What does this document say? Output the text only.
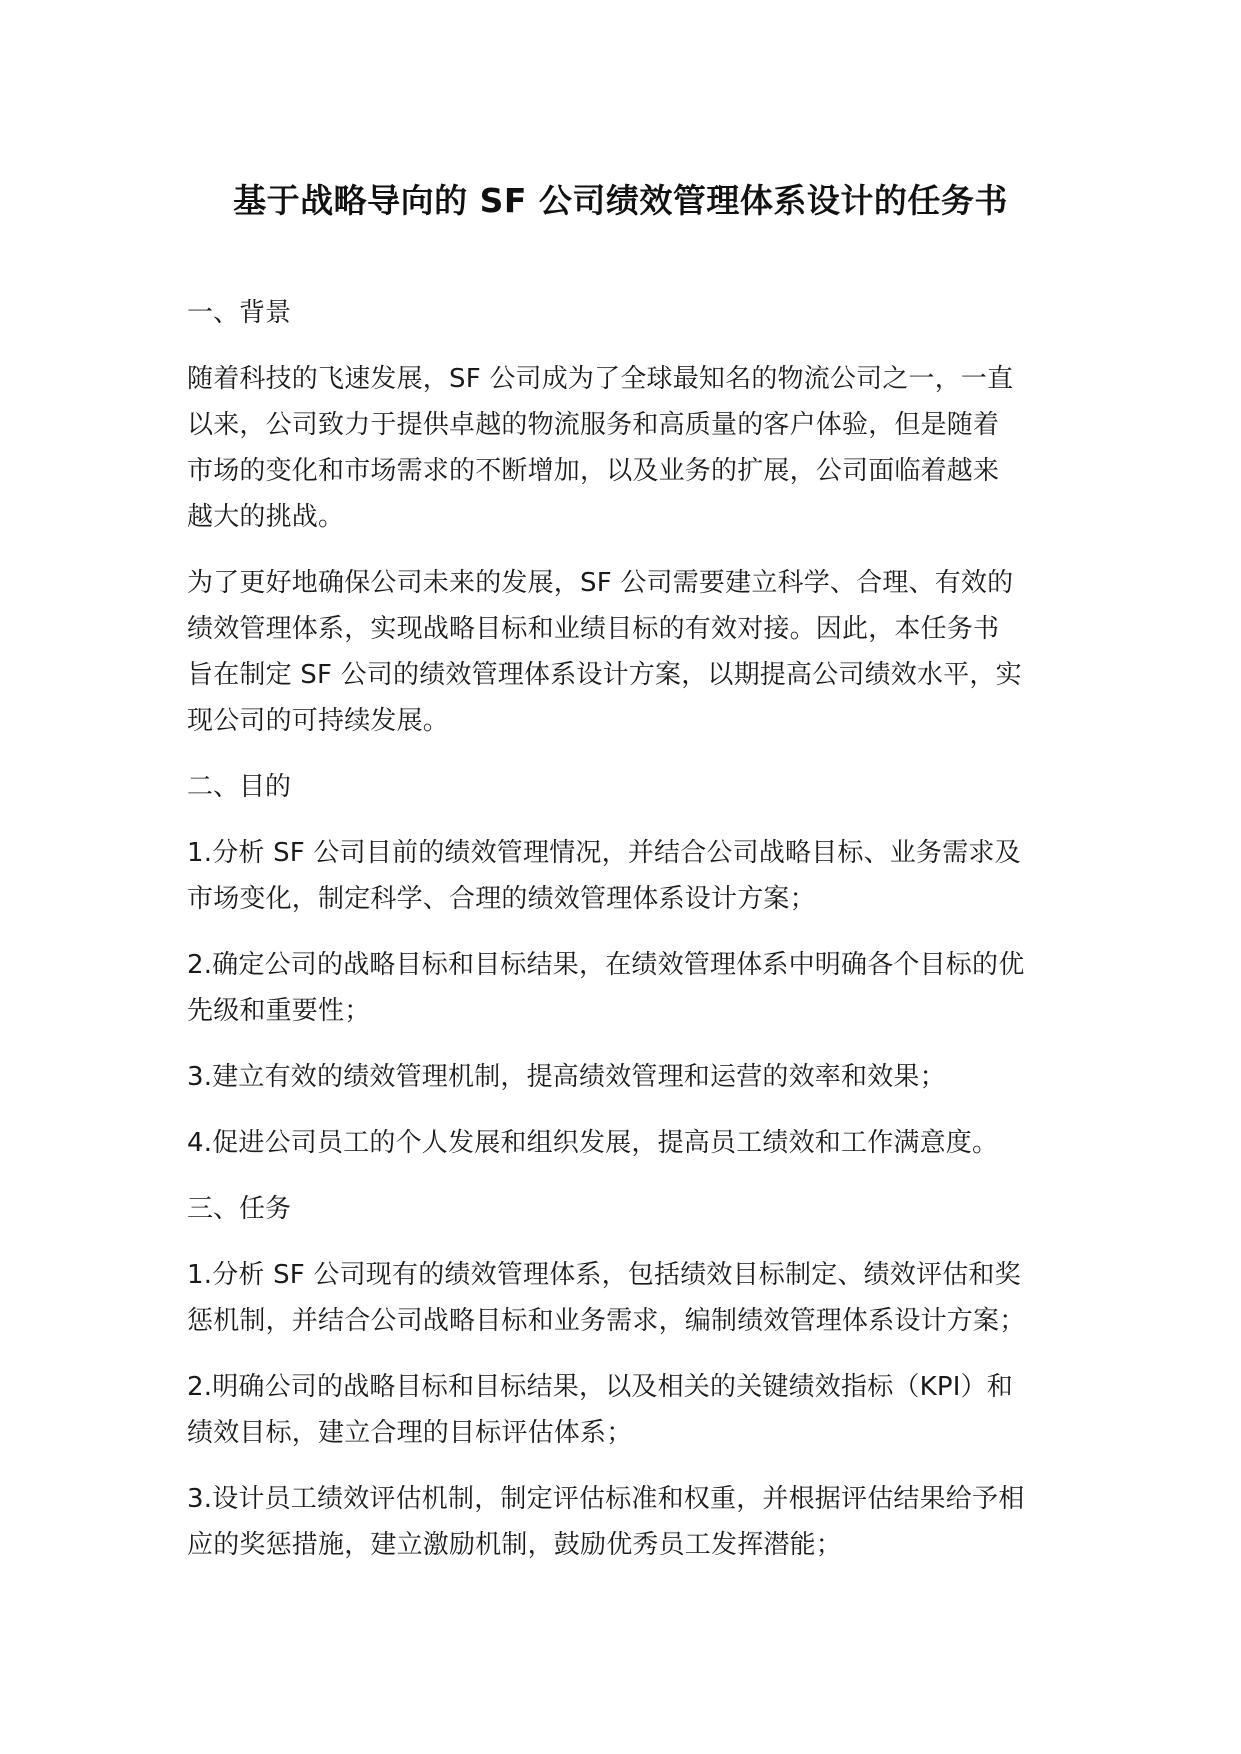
基于战略导向的 SF 公司绩效管理体系设计的任务书
一、背景
随着科技的飞速发展，SF 公司成为了全球最知名的物流公司之一，一直
以来，公司致力于提供卓越的物流服务和高质量的客户体验，但是随着
市场的变化和市场需求的不断增加，以及业务的扩展，公司面临着越来
越大的挑战。
为了更好地确保公司未来的发展，SF 公司需要建立科学、合理、有效的
绩效管理体系，实现战略目标和业绩目标的有效对接。因此，本任务书
旨在制定 SF 公司的绩效管理体系设计方案，以期提高公司绩效水平，实
现公司的可持续发展。
二、目的
1.分析 SF 公司目前的绩效管理情况，并结合公司战略目标、业务需求及
市场变化，制定科学、合理的绩效管理体系设计方案；
2.确定公司的战略目标和目标结果，在绩效管理体系中明确各个目标的优
先级和重要性；
3.建立有效的绩效管理机制，提高绩效管理和运营的效率和效果；
4.促进公司员工的个人发展和组织发展，提高员工绩效和工作满意度。
三、任务
1.分析 SF 公司现有的绩效管理体系，包括绩效目标制定、绩效评估和奖
惩机制，并结合公司战略目标和业务需求，编制绩效管理体系设计方案；
2.明确公司的战略目标和目标结果，以及相关的关键绩效指标（KPI）和
绩效目标，建立合理的目标评估体系；
3.设计员工绩效评估机制，制定评估标准和权重，并根据评估结果给予相
应的奖惩措施，建立激励机制，鼓励优秀员工发挥潜能；
